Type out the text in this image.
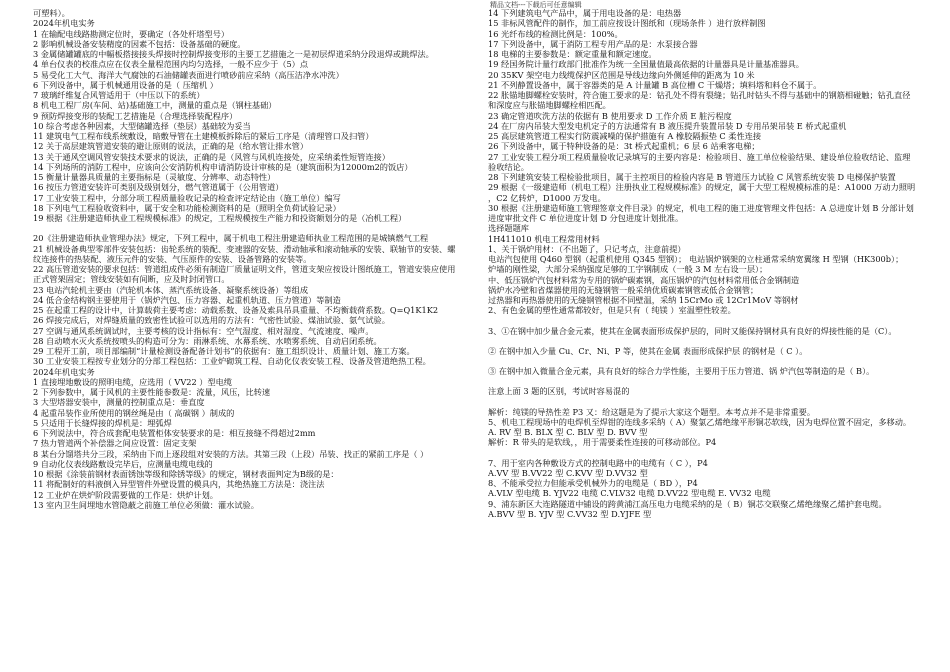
精品文档---下载后可任意编辑

可塑料）。

2024年机电实务

1 在输配电线路勘测定位时，要确定（各处杆塔型号）

2 影响机械设备安装精度的因素不包括：设备基础的硬度。

3 金属储罐罐底的中幅板搭接接头焊接时控制焊接变形的主要工艺措施之一是初层焊道采纳分段退焊或跳焊法。

4 单台仪表的校准点应在仪表全量程范围内均匀选择，一般不应少于（5）点

5 易受化工大气、海洋大气腐蚀的石油储罐表面进行喷砂前应采纳（高压洁净水冲洗）

6 下列设备中，属于机械通用设备的是（ 压缩机 ）

7 玻璃纤维复合风管适用于（中压以下的系统）

8 机电工程厂房(车间、站)基础施工中，测量的重点是（钢柱基础）

9 预防焊接变形的装配工艺措施是（合理选择装配程序）

10 综合考虑各种因素，大型储罐选择（垫层）基础较为妥当

11 建筑电气工程布线系统敷设，暗敷导管在土建模板拆除后的紧后工序是（清理管口及扫管）

12 关于高层建筑管道安装的避让原则的说法，正确的是（给水管让排水管）

13 关于通风空调风管安装技术要求的说法，正确的是（风管与风机连接处，应采纳柔性短管连接）

14 下列场所的消防工程中，应该向公安消防机构申请消防设计审核的是（建筑面积为12000m2的饭店）

15 衡量计量器具质量的主要指标是（灵敏度、分辨率、动态特性）

16 按压力管道安装许可类别及级别划分，燃气管道属于（公用管道）

17 工业安装工程中，分部分项工程质量验收记录的检查评定结论由（施工单位）编写

18 下列电气工程验收资料中，属于安全和功能检测资料的是（照明全负荷试验记录）

19 根据《注册建造师执业工程规模标准》的规定，工程规模按生产能力和投资额划分的是（冶机工程）

20《注册建造师执业管理办法》规定，下列工程中，属于机电工程注册建造师执业工程范围的是城镇燃气工程

21 机械设备典型零部件安装包括：齿轮系统的装配、变速器的安装、滑动轴承和滚动轴承的安装、联轴节的安装、螺

纹连接件的热装配、液压元件的安装、气压原件的安装、设备管路的安装等。

22 高压管道安装的要求包括：管道组成件必须有制造厂质量证明文件，管道支架应按设计图纸施工，管道安装应使用

正式管架固定；管线安装如有间断，应及时封闭管口。

23 电站汽轮机主要由（汽轮机本体、蒸汽系统设备、凝聚系统设备）等组成

24 低合金结构钢主要使用于（锅炉汽包、压力容器、起重机轨道、压力管道）等制造

25 在起重工程的设计中，计算载荷主要考虑：动载系数、设备及索具吊具重量、不均衡载荷系数。Q=Q1K1K2

26 焊接完成后，对焊缝质量的致密性试验可以选用的方法有：气密性试验、煤油试验、氨气试验。

27 空调与通风系统调试时，主要考核的设计指标有：空气湿度、相对湿度、气流速度、噪声。

28 自动喷水灭火系统按喷头的构造可分为：雨淋系统、水幕系统、水喷雾系统、自动启闭系统。

29 工程开工前，项目部编制“计量检测设备配备计划书”的依据有：施工组织设计、质量计划、施工方案。

30 工业安装工程按专业划分的分部工程包括：工业炉砌筑工程、自动化仪表安装工程、设备及管道绝热工程。

2024年机电实务

1 直接埋地敷设的照明电缆，应选用（ VV22 ）型电缆

2 下列参数中，属于风机的主要性能参数是：流量，风压，比转速

3 大型塔器安装中，测量的控制重点是：垂直度

4 起重吊装作业所使用的钢丝绳是由（ 高碳钢 ）制成的

5 只适用于长缝焊接的焊机是：埋弧焊

6 下列说法中，符合成套配电装置柜体安装要求的是：相互接缝不得超过2mm

7 热力管道两个补偿器之间应设置：固定支架

8 某台分馏塔共分三段，采纳由下而上逐段组对安装的方法。其第三段（上段）吊装、找正的紧前工序是（ ）

9 自动化仪表线路敷设完毕后，应测量电缆电线的

10 根据《涂装前钢材表面锈蚀等级和除锈等级》的规定，钢材表面判定为B级的是：

11 将配制好的料液倒入异型管件外壁设置的模具内，其绝热施工方法是：浇注法

12 工业炉在烘炉阶段需要做的工作是：烘炉计划。

13 室内卫生间埋地水管隐蔽之前施工单位必须做：灌水试验。

14 下列建筑电气产品中，属于用电设备的是：电热器

15 非标风管配件的制作，加工前应按设计图纸和（现场条件 ）进行放样制图

16 光纤布线的检测比例是：100%。

17 下列设备中，属于消防工程专用产品的是：水泵接合器

18 电梯的主要参数是：额定重量和额定速度。

19 经国务院计量行政部门批准作为统一全国量值最高依据的计量器具是计量基准器具。

20 35KV 架空电力线缆保护区范围是导线边缘向外侧延伸的距离为 10 米

21 不列静置设备中，属于容器类的是 A 计量罐 B 高位槽 C 干燥塔；填料塔和料仓不属于。

22 胀锚地脚螺栓安装时，符合施工要求的是：钻孔处不得有裂缝；钻孔时钻头不得与基础中的钢筋相碰触；钻孔直径

和深度应与胀锚地脚螺栓相匹配。

23 确定管道吹洗方法的依据有 B 使用要求 D 工作介质 E 脏污程度

24 在厂房内吊装大型发电机定子的方法通常有 B 液压提升装置吊装 D 专用吊架吊装 E 桥式起重机

25 高层建筑管道工程实行防震减噪的保护措施有 A 橡胶隔振垫 C 柔性连接

26 下列设备中，属于特种设备的是：3t 桥式起重机；6 层 6 站乘客电梯；

27 工业安装工程分项工程质量验收记录填写的主要内容是：检验项目、施工单位检验结果、建设单位验收结论、监理

验收结论。

28 下列建筑安装工程检验批项目，属于主控项目的检验内容是 B 管道压力试验 C 风管系统安装 D 电梯保护装置

29 根据《一级建造师（机电工程）注册执业工程规模标准》的规定，属于大型工程规模标准的是：A1000 万动力照明

，C2 亿转炉，D1000 万发电。

30 根据《注册建造师施工管理签章文件目录》的规定，机电工程的施工进度管理文件包括：A 总进度计划 B 分部计划

进度审批文件 C 单位进度计划 D 分包进度计划批准。

选择题题库

1H411010 机电工程常用材料

1、关于锅炉用材：（不出题了，只记考点，注意前提）

电站汽包使用 Q460 型钢（起重机使用 Q345 型钢）； 电站锅炉钢架的立柱通常采纳宽翼缘 H 型钢（HK300b）；

炉墙的刚性梁，大部分采纳强度足够的工字钢制成（一般 3 M 左右设一层）；

中、低压锅炉汽包材料常为专用的锅炉碳素钢，高压锅炉的汽包材料常用低合金钢制造

锅炉水冷壁和省煤器使用的无缝钢管一般采纳优质碳素钢管或低合金钢管；

过热器和再热器使用的无缝钢管根据不同壁温，采纳 15CrMo 或 12Cr1MoV 等钢材

2、有色金属的塑性通常都较好，但是只有（ 纯镁 ）室温塑性较差。

3、①在钢中加少量合金元素，使其在金属表面形成保护层的，同时又能保持钢材具有良好的焊接性能的是（C）。

② 在钢中加入少量 Cu、Cr、Ni、P 等，使其在金属 表面形成保护层 的钢材是（ C ）。

③ 在钢中加入微量合金元素，具有良好的综合力学性能，主要用于压力管道、锅 炉汽包等制造的是（ B）。

注意上面 3 题的区别，考试时容易混的

解析：纯镁的导热性差 P3 又：给这题是为了提示大家这个题型。本考点并不是非常重要。

5、机电工程现场中的电焊机至焊钳的连线多采纳（ A）聚氯乙烯绝缘平形铜芯软线，因为电焊位置不固定，多移动。

A. RV 型 B. BLX 型 C. BLV 型 D. BVV 型

解析：R 带头的是软线，，用于需要柔性连接的可移动部位。P4

7、用于室内各种敷设方式的控制电路中的电缆有（ C ），P4

A.VV 型 B.VV22 型 C.KVV 型 D.VV32 型

8、不能承受拉力但能承受机械外力的电缆是（ BD ），P4

A.VLV 型电缆 B. YJV22 电缆 C.VLV32 电缆 D.VV22 型电缆 E. VV32 电缆

9、浦东新区大连路隧道中铺设的跨黄浦江高压电力电缆采纳的是（ B）铜芯交联聚乙烯绝缘聚乙烯护套电缆。

A.BVV 型 B. YJV 型 C.VV32 型 D.YJFE 型
